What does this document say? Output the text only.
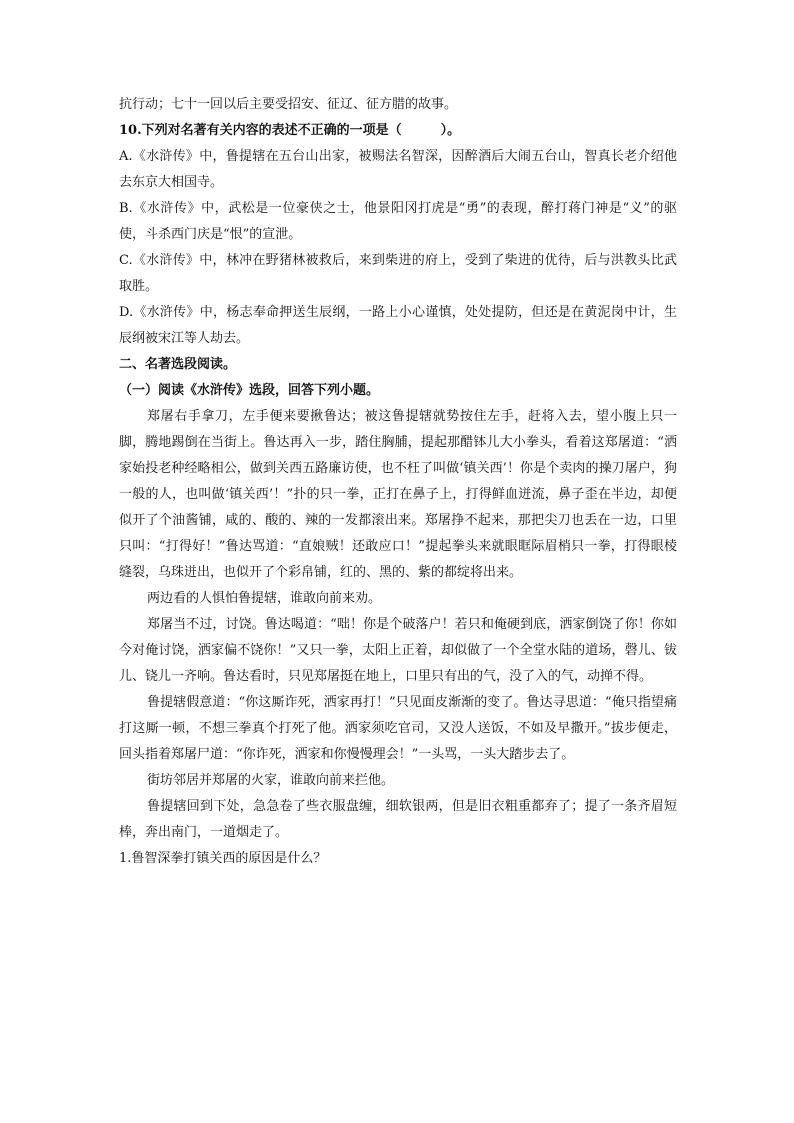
抗行动；七十一回以后主要受招安、征辽、征方腊的故事。

10.下列对名著有关内容的表述不正确的一项是（　　　）。

A.《水浒传》中，鲁提辖在五台山出家，被赐法名智深，因醉酒后大闹五台山，智真长老介绍他去东京大相国寺。

B.《水浒传》中，武松是一位豪侠之士，他景阳冈打虎是“勇”的表现，醉打蒋门神是“义”的驱使，斗杀西门庆是“恨”的宣泄。

C.《水浒传》中，林冲在野猪林被救后，来到柴进的府上，受到了柴进的优待，后与洪教头比武取胜。

D.《水浒传》中，杨志奉命押送生辰纲，一路上小心谨慎，处处提防，但还是在黄泥岗中计，生辰纲被宋江等人劫去。

二、名著选段阅读。

（一）阅读《水浒传》选段，回答下列小题。

郑屠右手拿刀，左手便来要揪鲁达；被这鲁提辖就势按住左手，赶将入去，望小腹上只一脚，腾地踢倒在当街上。鲁达再入一步，踏住胸脯，提起那醋钵儿大小拳头，看着这郑屠道：“洒家始投老种经略相公，做到关西五路廉访使，也不枉了叫做‘镇关西’！你是个卖肉的操刀屠户，狗一般的人，也叫做‘镇关西’！”扑的只一拳，正打在鼻子上，打得鲜血迸流，鼻子歪在半边，却便似开了个油酱铺，咸的、酸的、辣的一发都滚出来。郑屠挣不起来，那把尖刀也丢在一边，口里只叫：“打得好！”鲁达骂道：“直娘贼！还敢应口！”提起拳头来就眼眶际眉梢只一拳，打得眼棱缝裂，乌珠迸出，也似开了个彩帛铺，红的、黑的、紫的都绽将出来。

两边看的人惧怕鲁提辖，谁敢向前来劝。

郑屠当不过，讨饶。鲁达喝道：“咄！你是个破落户！若只和俺硬到底，洒家倒饶了你！你如今对俺讨饶，洒家偏不饶你！”又只一拳，太阳上正着，却似做了一个全堂水陆的道场，磬儿、钹儿、铙儿一齐响。鲁达看时，只见郑屠挺在地上，口里只有出的气，没了入的气，动掸不得。

鲁提辖假意道：“你这厮诈死，洒家再打！”只见面皮渐渐的变了。鲁达寻思道：“俺只指望痛打这厮一顿，不想三拳真个打死了他。洒家须吃官司，又没人送饭，不如及早撒开。”拔步便走，回头指着郑屠尸道：“你诈死，洒家和你慢慢理会！”一头骂，一头大踏步去了。

街坊邻居并郑屠的火家，谁敢向前来拦他。

鲁提辖回到下处，急急卷了些衣服盘缠，细软银两，但是旧衣粗重都弃了；提了一条齐眉短棒，奔出南门，一道烟走了。

1.鲁智深拳打镇关西的原因是什么？
